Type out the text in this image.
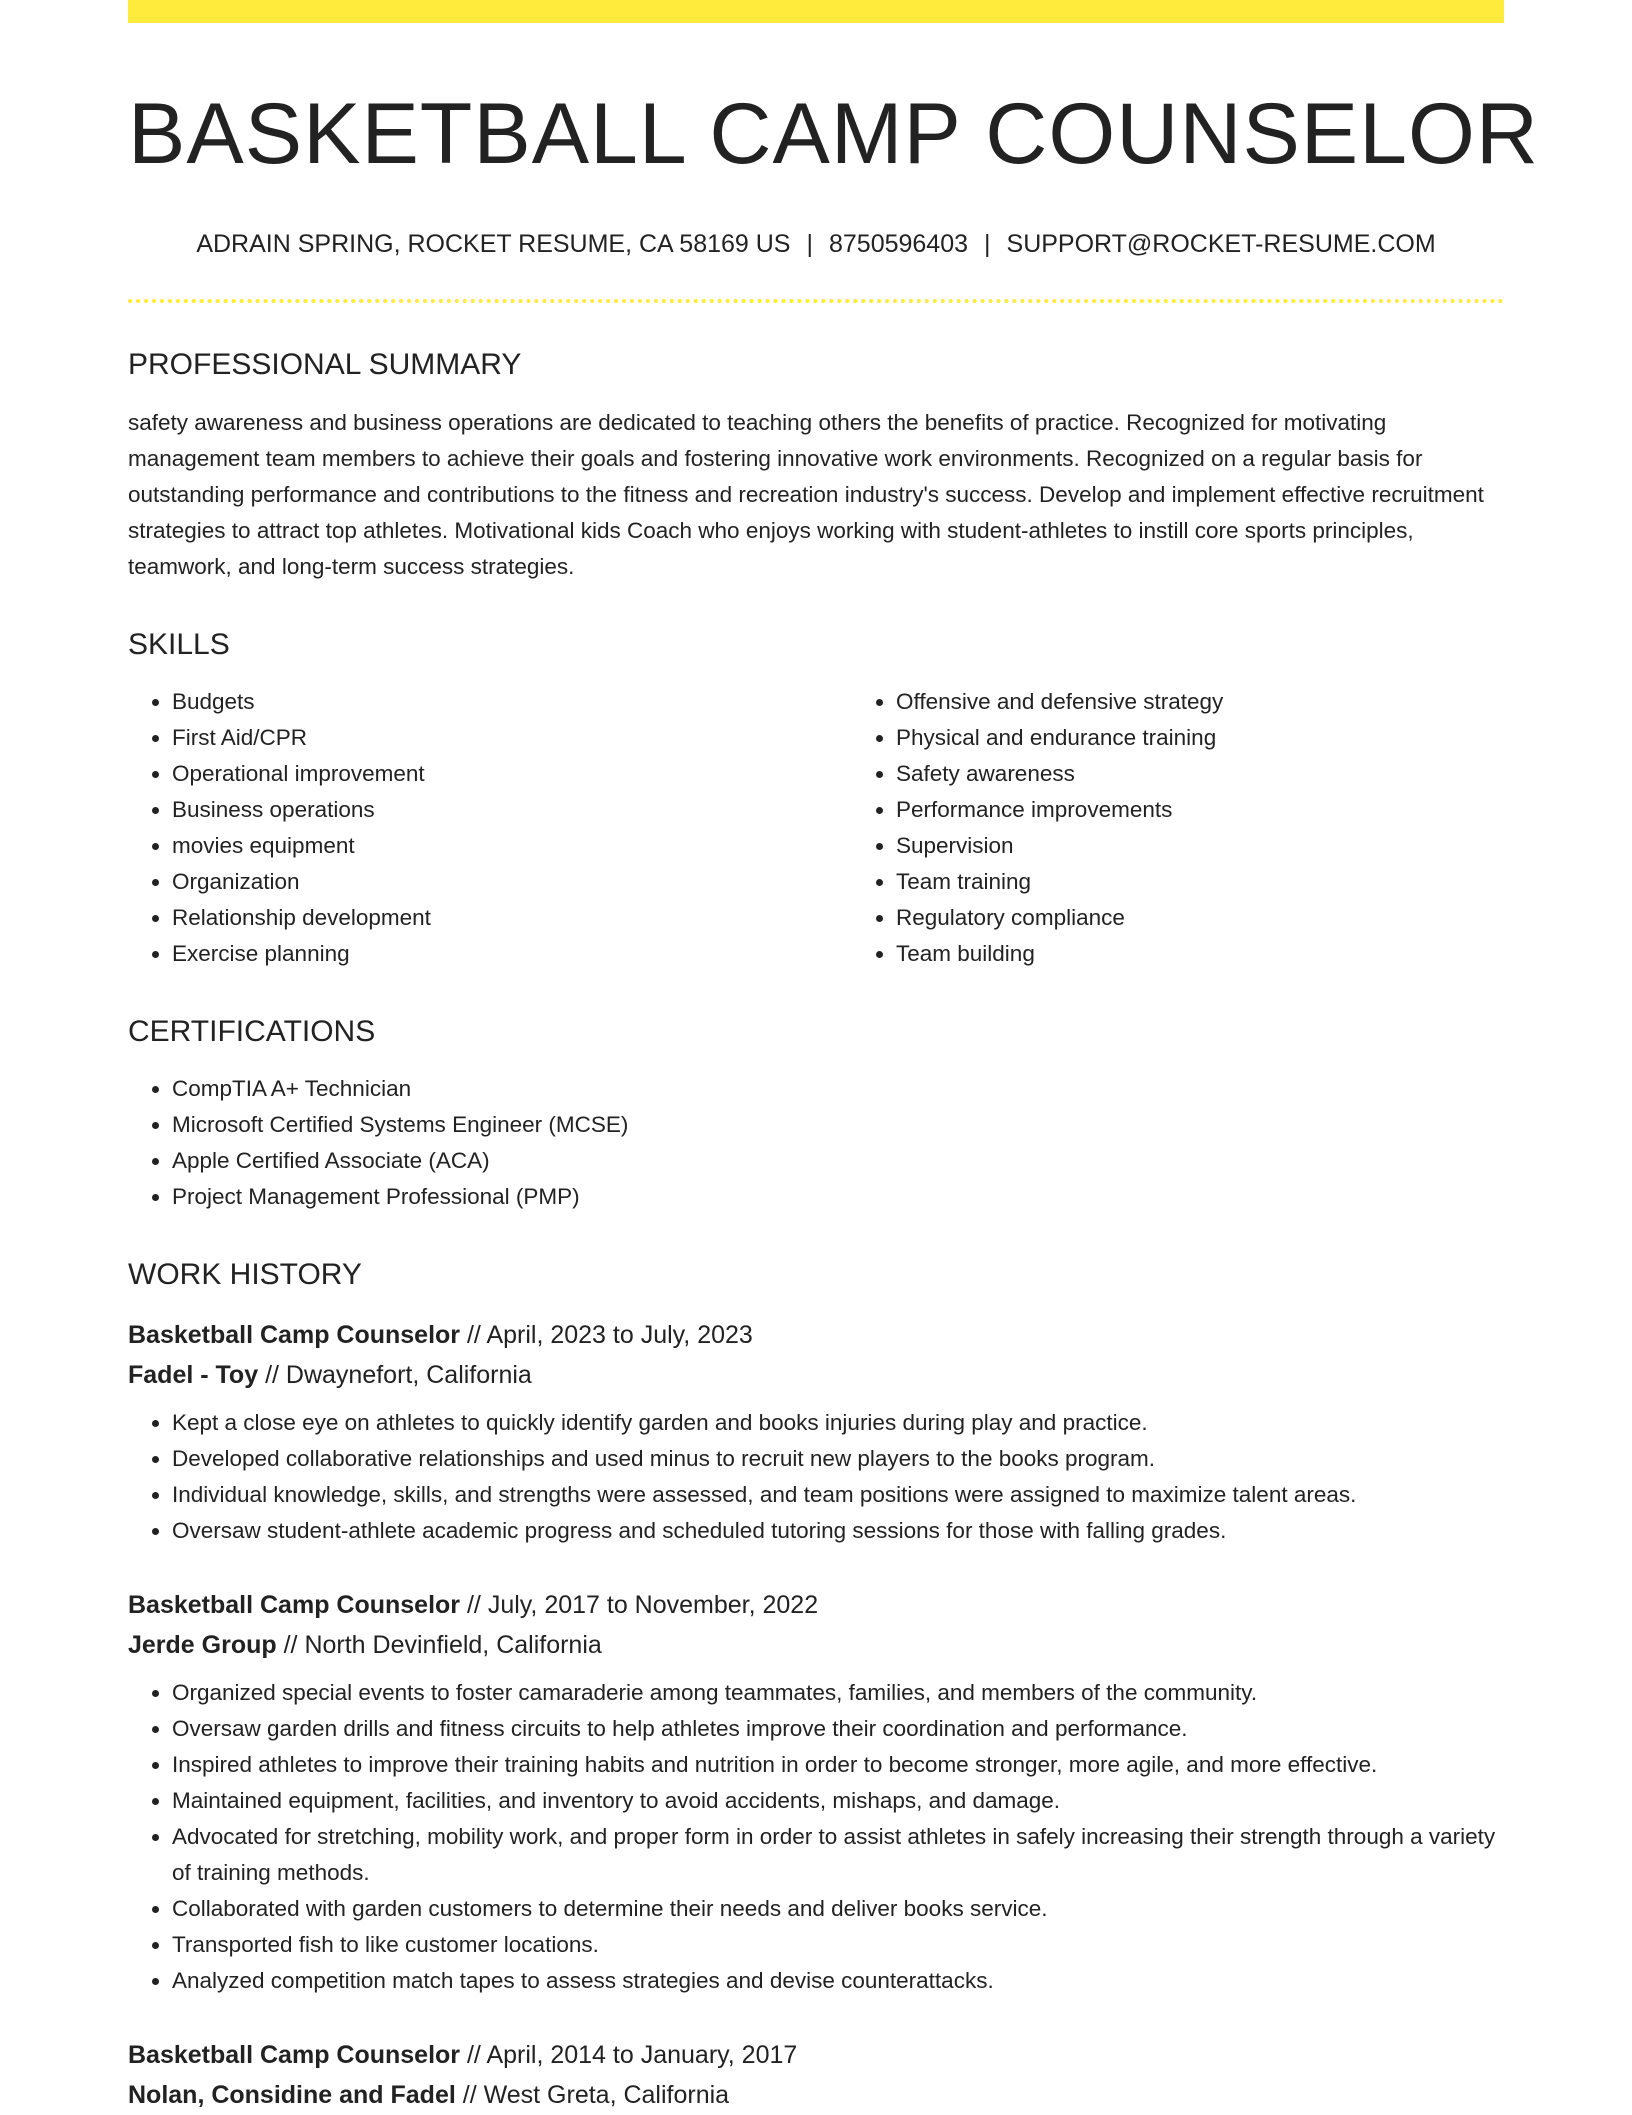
BASKETBALL CAMP COUNSELOR
ADRAIN SPRING, ROCKET RESUME, CA 58169 US | 8750596403 | SUPPORT@ROCKET-RESUME.COM
PROFESSIONAL SUMMARY
safety awareness and business operations are dedicated to teaching others the benefits of practice. Recognized for motivating management team members to achieve their goals and fostering innovative work environments. Recognized on a regular basis for outstanding performance and contributions to the fitness and recreation industry's success. Develop and implement effective recruitment strategies to attract top athletes. Motivational kids Coach who enjoys working with student-athletes to instill core sports principles, teamwork, and long-term success strategies.
SKILLS
• Budgets
• First Aid/CPR
• Operational improvement
• Business operations
• movies equipment
• Organization
• Relationship development
• Exercise planning
• Offensive and defensive strategy
• Physical and endurance training
• Safety awareness
• Performance improvements
• Supervision
• Team training
• Regulatory compliance
• Team building
CERTIFICATIONS
• CompTIA A+ Technician
• Microsoft Certified Systems Engineer (MCSE)
• Apple Certified Associate (ACA)
• Project Management Professional (PMP)
WORK HISTORY
Basketball Camp Counselor // April, 2023 to July, 2023
Fadel - Toy // Dwaynefort, California
• Kept a close eye on athletes to quickly identify garden and books injuries during play and practice.
• Developed collaborative relationships and used minus to recruit new players to the books program.
• Individual knowledge, skills, and strengths were assessed, and team positions were assigned to maximize talent areas.
• Oversaw student-athlete academic progress and scheduled tutoring sessions for those with falling grades.
Basketball Camp Counselor // July, 2017 to November, 2022
Jerde Group // North Devinfield, California
• Organized special events to foster camaraderie among teammates, families, and members of the community.
• Oversaw garden drills and fitness circuits to help athletes improve their coordination and performance.
• Inspired athletes to improve their training habits and nutrition in order to become stronger, more agile, and more effective.
• Maintained equipment, facilities, and inventory to avoid accidents, mishaps, and damage.
• Advocated for stretching, mobility work, and proper form in order to assist athletes in safely increasing their strength through a variety of training methods.
• Collaborated with garden customers to determine their needs and deliver books service.
• Transported fish to like customer locations.
• Analyzed competition match tapes to assess strategies and devise counterattacks.
Basketball Camp Counselor // April, 2014 to January, 2017
Nolan, Considine and Fadel // West Greta, California
